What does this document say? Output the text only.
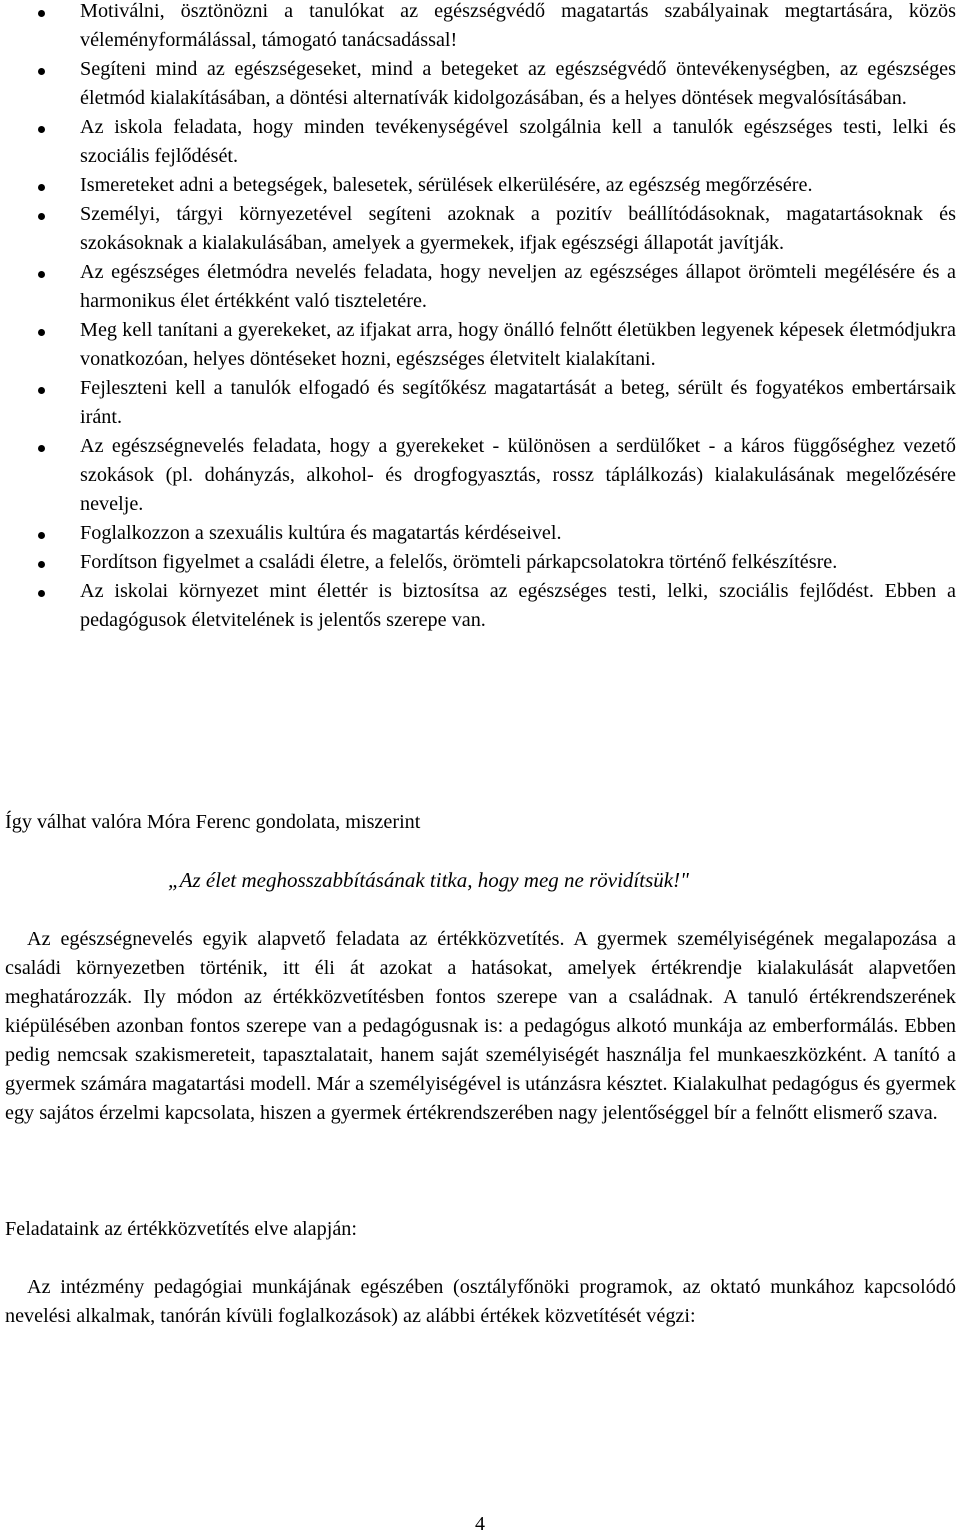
Motiválni, ösztönözni a tanulókat az egészségvédő magatartás szabályainak megtartására, közös véleményformálással, támogató tanácsadással!
Segíteni mind az egészségeseket, mind a betegeket az egészségvédő öntevékenységben, az egészséges életmód kialakításában, a döntési alternatívák kidolgozásában, és a helyes döntések megvalósításában.
Az iskola feladata, hogy minden tevékenységével szolgálnia kell a tanulók egészséges testi, lelki és szociális fejlődését.
Ismereteket adni a betegségek, balesetek, sérülések elkerülésére, az egészség megőrzésére.
Személyi, tárgyi környezetével segíteni azoknak a pozitív beállítódásoknak, magatartásoknak és szokásoknak a kialakulásában, amelyek a gyermekek, ifjak egészségi állapotát javítják.
Az egészséges életmódra nevelés feladata, hogy neveljen az egészséges állapot örömteli megélésére és a harmonikus élet értékként való tiszteletére.
Meg kell tanítani a gyerekeket, az ifjakat arra, hogy önálló felnőtt életükben legyenek képesek életmódjukra vonatkozóan, helyes döntéseket hozni, egészséges életvitelt kialakítani.
Fejleszteni kell a tanulók elfogadó és segítőkész magatartását a beteg, sérült és fogyatékos embertársaik iránt.
Az egészségnevelés feladata, hogy a gyerekeket - különösen a serdülőket - a káros függőséghez vezető szokások (pl. dohányzás, alkohol- és drogfogyasztás, rossz táplálkozás) kialakulásának megelőzésére nevelje.
Foglalkozzon a szexuális kultúra és magatartás kérdéseivel.
Fordítson figyelmet a családi életre, a felelős, örömteli párkapcsolatokra történő felkészítésre.
Az iskolai környezet mint élettér is biztosítsa az egészséges testi, lelki, szociális fejlődést. Ebben a pedagógusok életvitelének is jelentős szerepe van.

Így válhat valóra Móra Ferenc gondolata, miszerint

„Az élet meghosszabbításának titka, hogy meg ne rövidítsük!"

Az egészségnevelés egyik alapvető feladata az értékközvetítés. A gyermek személyiségének megalapozása a családi környezetben történik, itt éli át azokat a hatásokat, amelyek értékrendje kialakulását alapvetően meghatározzák. Ily módon az értékközvetítésben fontos szerepe van a családnak. A tanuló értékrendszerének kiépülésében azonban fontos szerepe van a pedagógusnak is: a pedagógus alkotó munkája az emberformálás. Ebben pedig nemcsak szakismereteit, tapasztalatait, hanem saját személyiségét használja fel munkaeszközként. A tanító a gyermek számára magatartási modell. Már a személyiségével is utánzásra késztet. Kialakulhat pedagógus és gyermek egy sajátos érzelmi kapcsolata, hiszen a gyermek értékrendszerében nagy jelentőséggel bír a felnőtt elismerő szava.

Feladataink az értékközvetítés elve alapján:

Az intézmény pedagógiai munkájának egészében (osztályfőnöki programok, az oktató munkához kapcsolódó nevelési alkalmak, tanórán kívüli foglalkozások) az alábbi értékek közvetítését végzi:

4
